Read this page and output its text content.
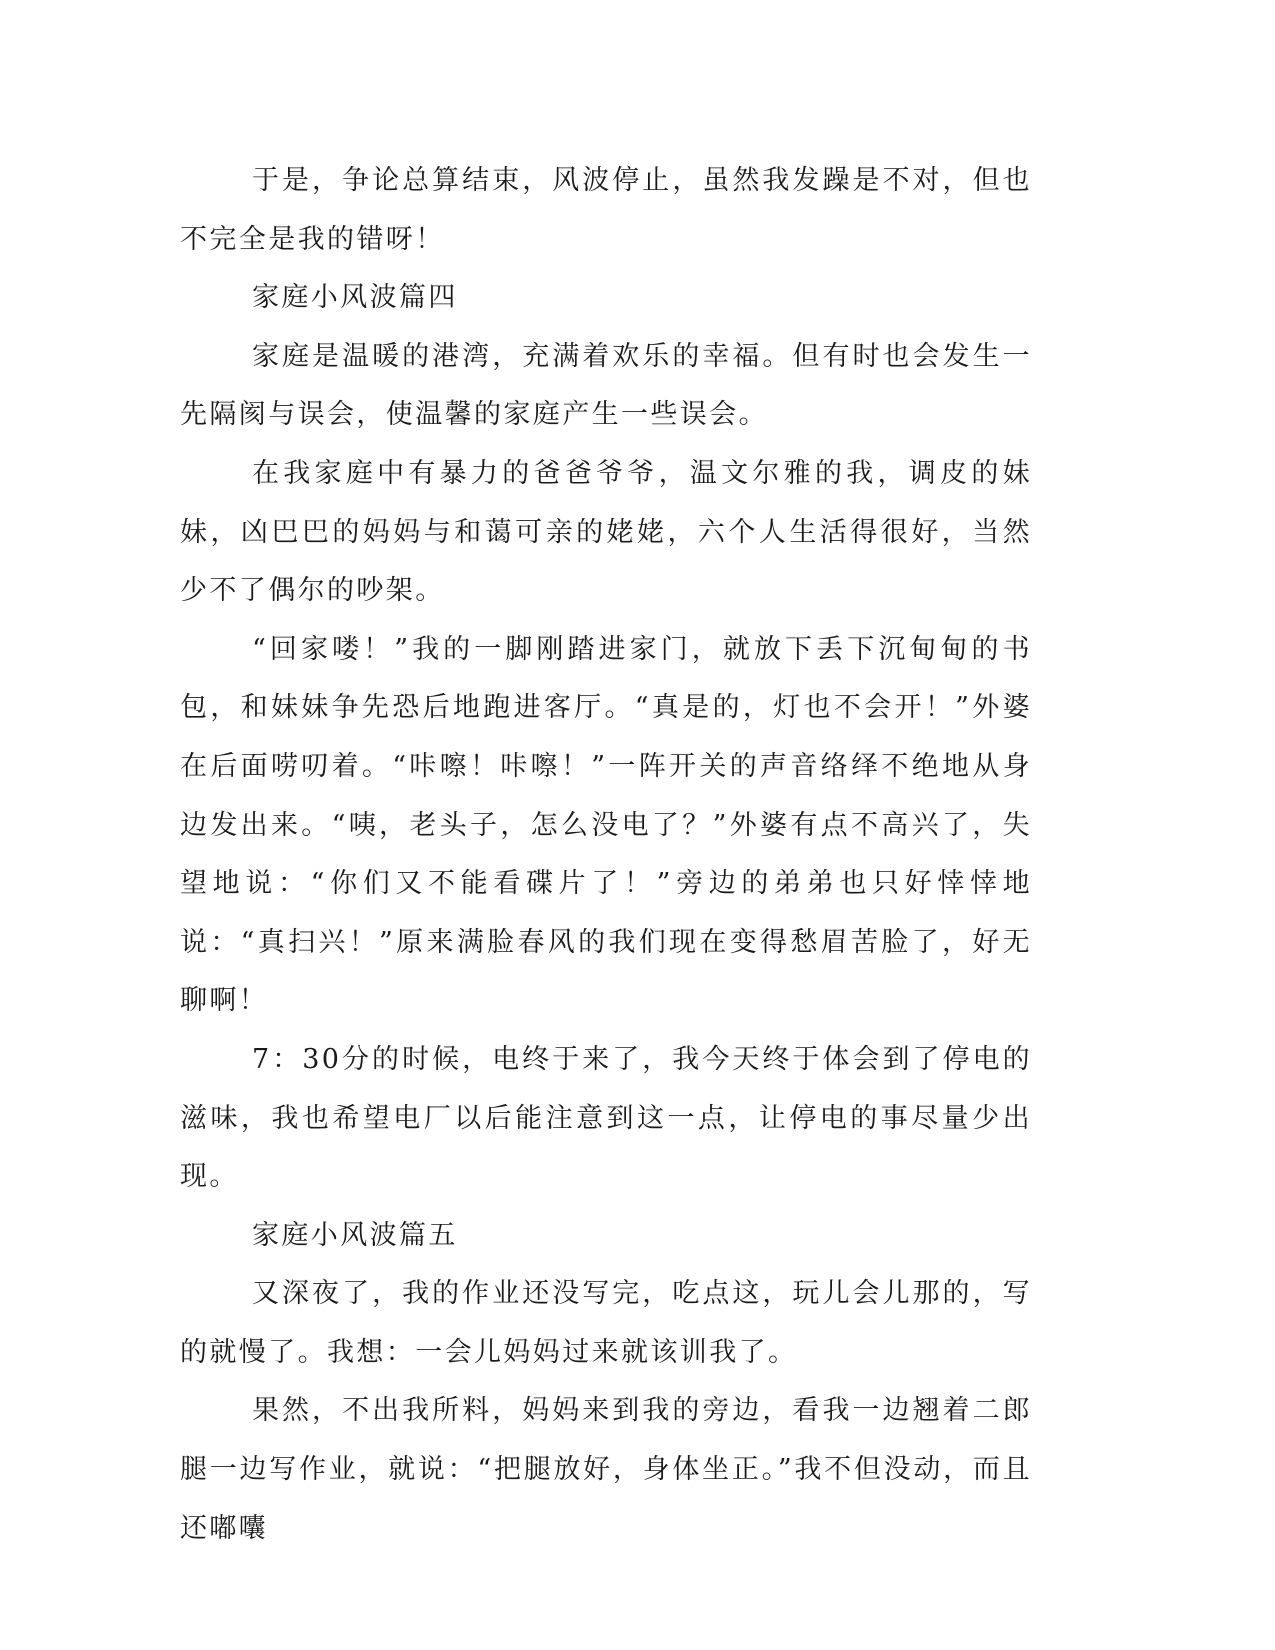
于是，争论总算结束，风波停止，虽然我发躁是不对，但也不完全是我的错呀！

家庭小风波篇四

家庭是温暖的港湾，充满着欢乐的幸福。但有时也会发生一先隔阂与误会，使温馨的家庭产生一些误会。

在我家庭中有暴力的爸爸爷爷，温文尔雅的我，调皮的妹妹，凶巴巴的妈妈与和蔼可亲的姥姥，六个人生活得很好，当然少不了偶尔的吵架。

“回家喽！”我的一脚刚踏进家门，就放下丢下沉甸甸的书包，和妹妹争先恐后地跑进客厅。“真是的，灯也不会开！”外婆在后面唠叨着。“咔嚓！咔嚓！”一阵开关的声音络绎不绝地从身边发出来。“咦，老头子，怎么没电了？”外婆有点不高兴了，失望地说：“你们又不能看碟片了！”旁边的弟弟也只好悻悻地说：“真扫兴！”原来满脸春风的我们现在变得愁眉苦脸了，好无聊啊！

7：30分的时候，电终于来了，我今天终于体会到了停电的滋味，我也希望电厂以后能注意到这一点，让停电的事尽量少出现。

家庭小风波篇五

又深夜了，我的作业还没写完，吃点这，玩儿会儿那的，写的就慢了。我想：一会儿妈妈过来就该训我了。

果然，不出我所料，妈妈来到我的旁边，看我一边翘着二郎腿一边写作业，就说：“把腿放好，身体坐正。”我不但没动，而且还嘟囔
